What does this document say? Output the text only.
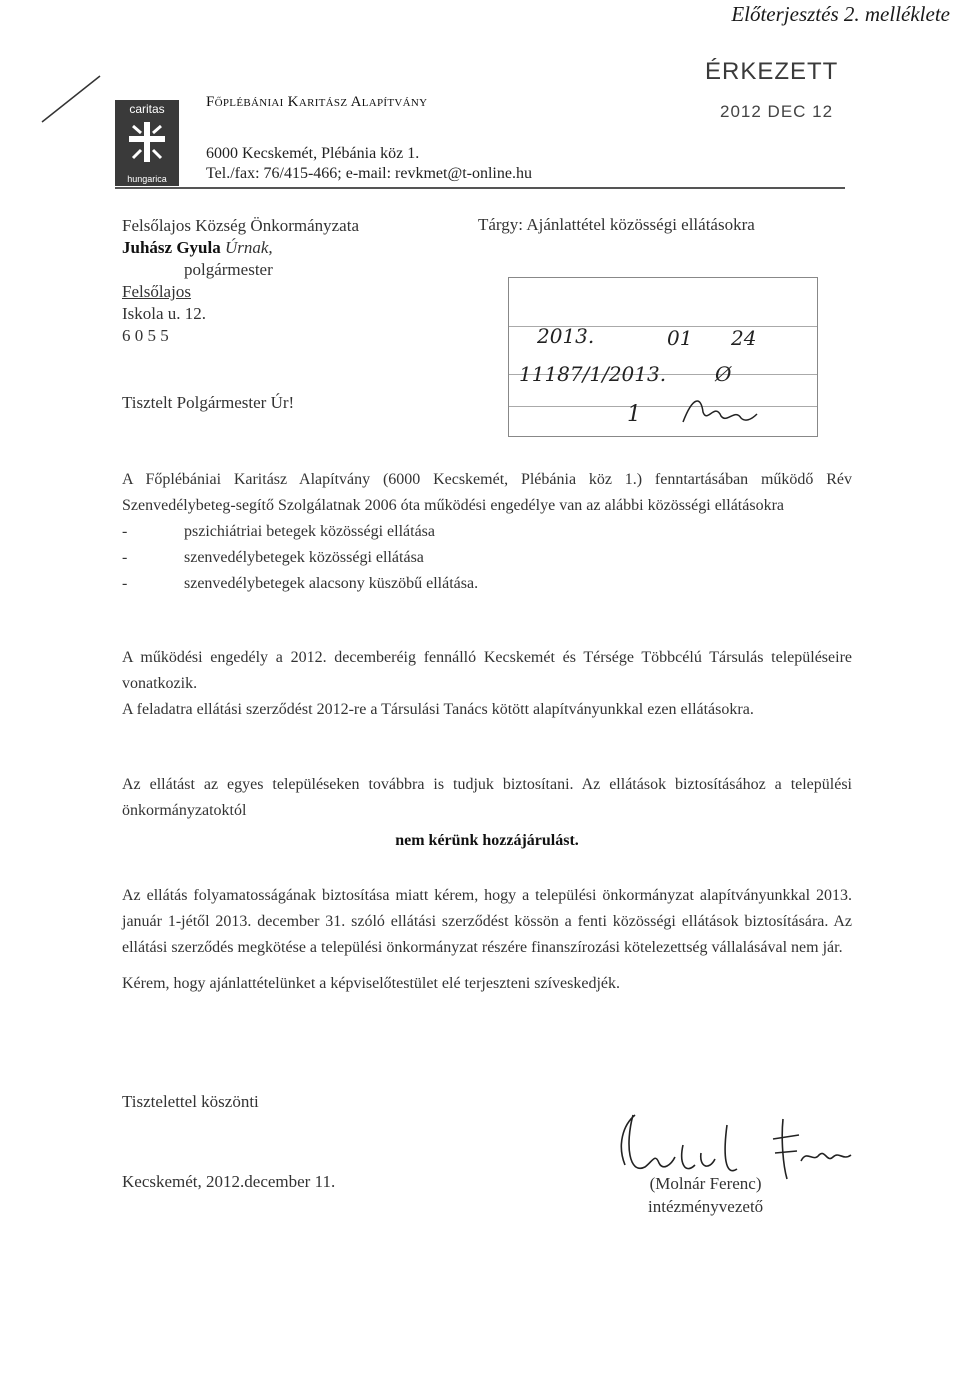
Előterjesztés 2. melléklete
caritas
hungarica
Főplébániai Karitász Alapítvány
6000 Kecskemét, Plébánia köz 1.
Tel./fax: 76/415-466; e-mail: revkmet@t-online.hu
ÉRKEZETT
2012 DEC 12
Felsőlajos Község Önkormányzata
Juhász Gyula Úrnak,
polgármester
Felsőlajos
Iskola u. 12.
6 0 5 5
Tárgy: Ajánlattétel közösségi ellátásokra
2013.	01 24
11187/1/2013. Ø
1
Tisztelt Polgármester Úr!

A Főplébániai Karitász Alapítvány (6000 Kecskemét, Plébánia köz 1.) fenntartásában működő Rév Szenvedélybeteg-segítő Szolgálatnak 2006 óta működési engedélye van az alábbi közösségi ellátásokra

- pszichiátriai betegek közösségi ellátása
- szenvedélybetegek közösségi ellátása
- szenvedélybetegek alacsony küszöbű ellátása.

A működési engedély a 2012. decemberéig fennálló Kecskemét és Térsége Többcélú Társulás településeire vonatkozik.

A feladatra ellátási szerződést 2012-re a Társulási Tanács kötött alapítványunkkal ezen ellátásokra.

Az ellátást az egyes településeken továbbra is tudjuk biztosítani. Az ellátások biztosításához a települési önkormányzatoktól

nem kérünk hozzájárulást.

Az ellátás folyamatosságának biztosítása miatt kérem, hogy a települési önkormányzat alapítványunkkal 2013. január 1-jétől 2013. december 31. szóló ellátási szerződést kössön a fenti közösségi ellátások biztosítására. Az ellátási szerződés megkötése a települési önkormányzat részére finanszírozási kötelezettség vállalásával nem jár.

Kérem, hogy ajánlattételünket a képviselőtestület elé terjeszteni szíveskedjék.

Tisztelettel köszönti
Kecskemét, 2012.december 11.	(Molnár Ferenc)
intézményvezető
